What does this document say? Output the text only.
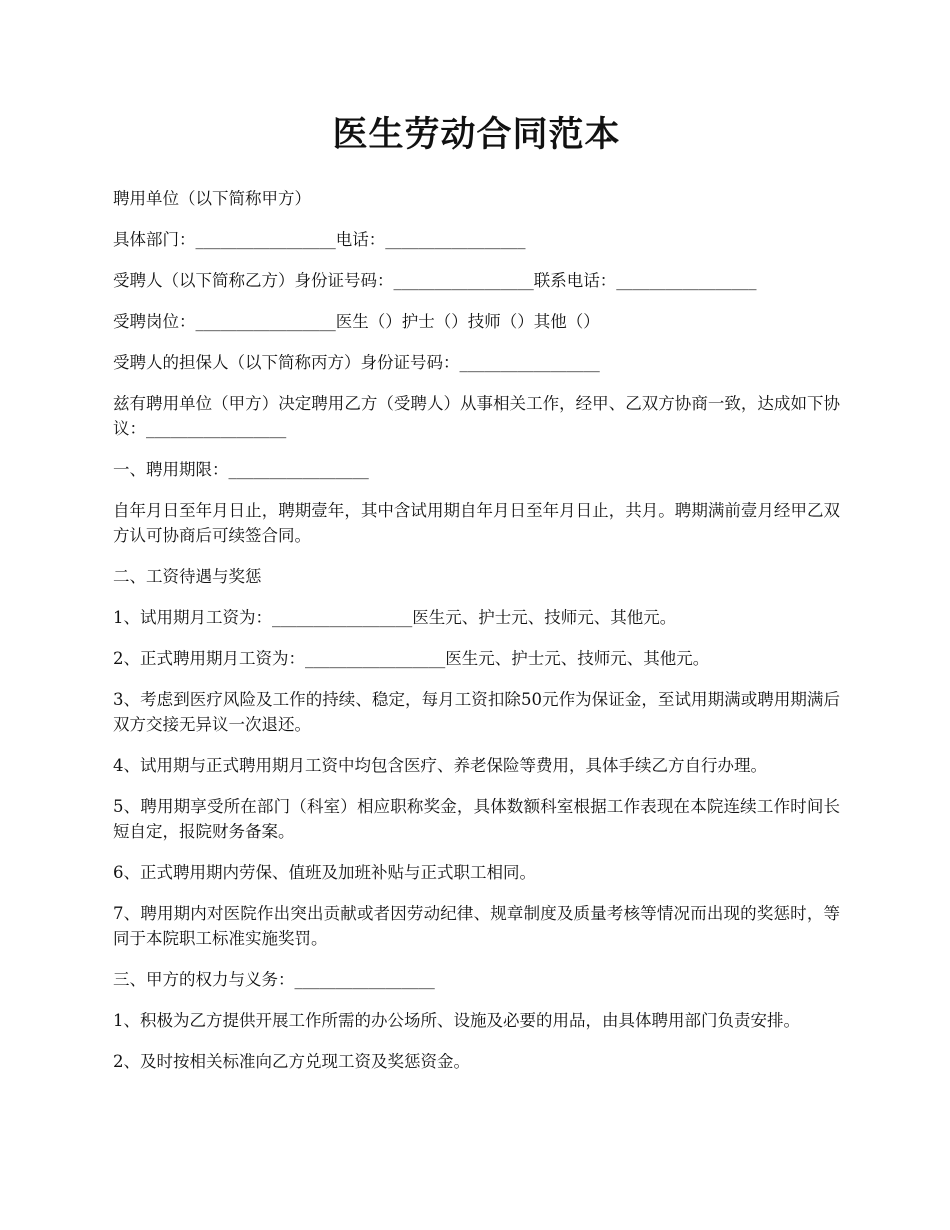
医生劳动合同范本

聘用单位（以下简称甲方）

具体部门：_________________电话：_________________

受聘人（以下简称乙方）身份证号码：_________________联系电话：_________________

受聘岗位：_________________医生（）护士（）技师（）其他（）

受聘人的担保人（以下简称丙方）身份证号码：_________________

兹有聘用单位（甲方）决定聘用乙方（受聘人）从事相关工作，经甲、乙双方协商一致，达成如下协议：_________________

一、聘用期限：_________________

自年月日至年月日止，聘期壹年，其中含试用期自年月日至年月日止，共月。聘期满前壹月经甲乙双方认可协商后可续签合同。

二、工资待遇与奖惩

1、试用期月工资为：_________________医生元、护士元、技师元、其他元。

2、正式聘用期月工资为：_________________医生元、护士元、技师元、其他元。

3、考虑到医疗风险及工作的持续、稳定，每月工资扣除50元作为保证金，至试用期满或聘用期满后双方交接无异议一次退还。

4、试用期与正式聘用期月工资中均包含医疗、养老保险等费用，具体手续乙方自行办理。

5、聘用期享受所在部门（科室）相应职称奖金，具体数额科室根据工作表现在本院连续工作时间长短自定，报院财务备案。

6、正式聘用期内劳保、值班及加班补贴与正式职工相同。

7、聘用期内对医院作出突出贡献或者因劳动纪律、规章制度及质量考核等情况而出现的奖惩时，等同于本院职工标准实施奖罚。

三、甲方的权力与义务：_________________

1、积极为乙方提供开展工作所需的办公场所、设施及必要的用品，由具体聘用部门负责安排。

2、及时按相关标准向乙方兑现工资及奖惩资金。
